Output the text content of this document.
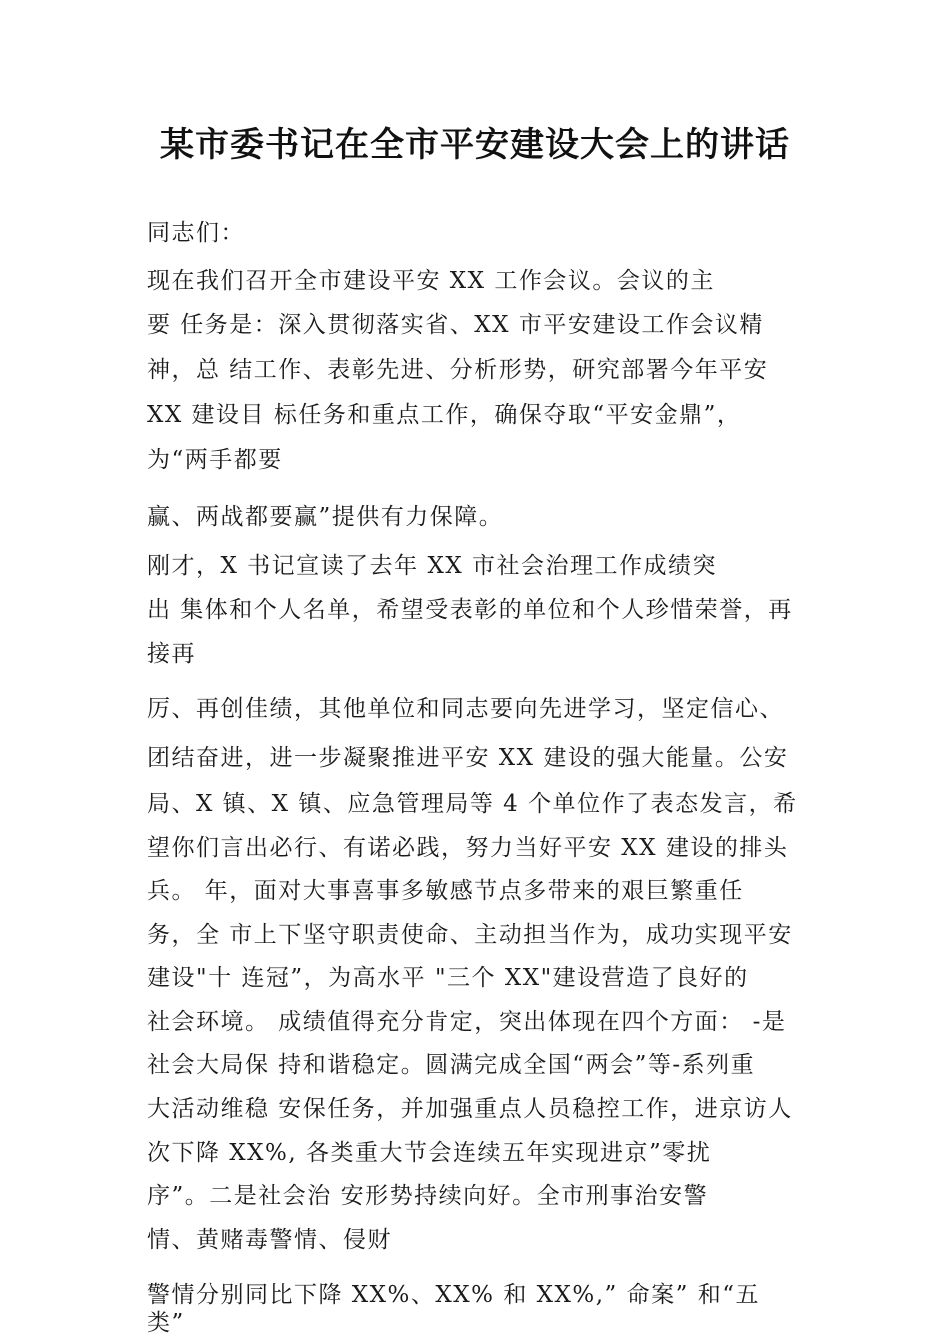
某市委书记在全市平安建设大会上的讲话
同志们：
现在我们召开全市建设平安 XX 工作会议。会议的主
要 任务是：深入贯彻落实省、XX 市平安建设工作会议精
神，总 结工作、表彰先进、分析形势，研究部署今年平安
XX 建设目 标任务和重点工作，确保夺取“平安金鼎”，
为“两手都要
赢、两战都要赢”提供有力保障。
刚才，X 书记宣读了去年 XX 市社会治理工作成绩突
出 集体和个人名单，希望受表彰的单位和个人珍惜荣誉，再
接再
厉、再创佳绩，其他单位和同志要向先进学习，坚定信心、
团结奋进，进一步凝聚推进平安 XX 建设的强大能量。公安
局、X 镇、X 镇、应急管理局等 4 个单位作了表态发言，希
望你们言出必行、有诺必践，努力当好平安 XX 建设的排头
兵。 年，面对大事喜事多敏感节点多带来的艰巨繁重任
务，全 市上下坚守职责使命、主动担当作为，成功实现平安
建设"十 连冠”，为高水平 "三个 XX"建设营造了良好的
社会环境。 成绩值得充分肯定，突出体现在四个方面： -是
社会大局保 持和谐稳定。圆满完成全国“两会”等-系列重
大活动维稳 安保任务，并加强重点人员稳控工作，进京访人
次下降 XX%, 各类重大节会连续五年实现进京”零扰
序”。二是社会治 安形势持续向好。全市刑事治安警
情、黄赌毒警情、侵财
警情分别同比下降 XX%、XX% 和 XX%,” 命案” 和“五
类”
